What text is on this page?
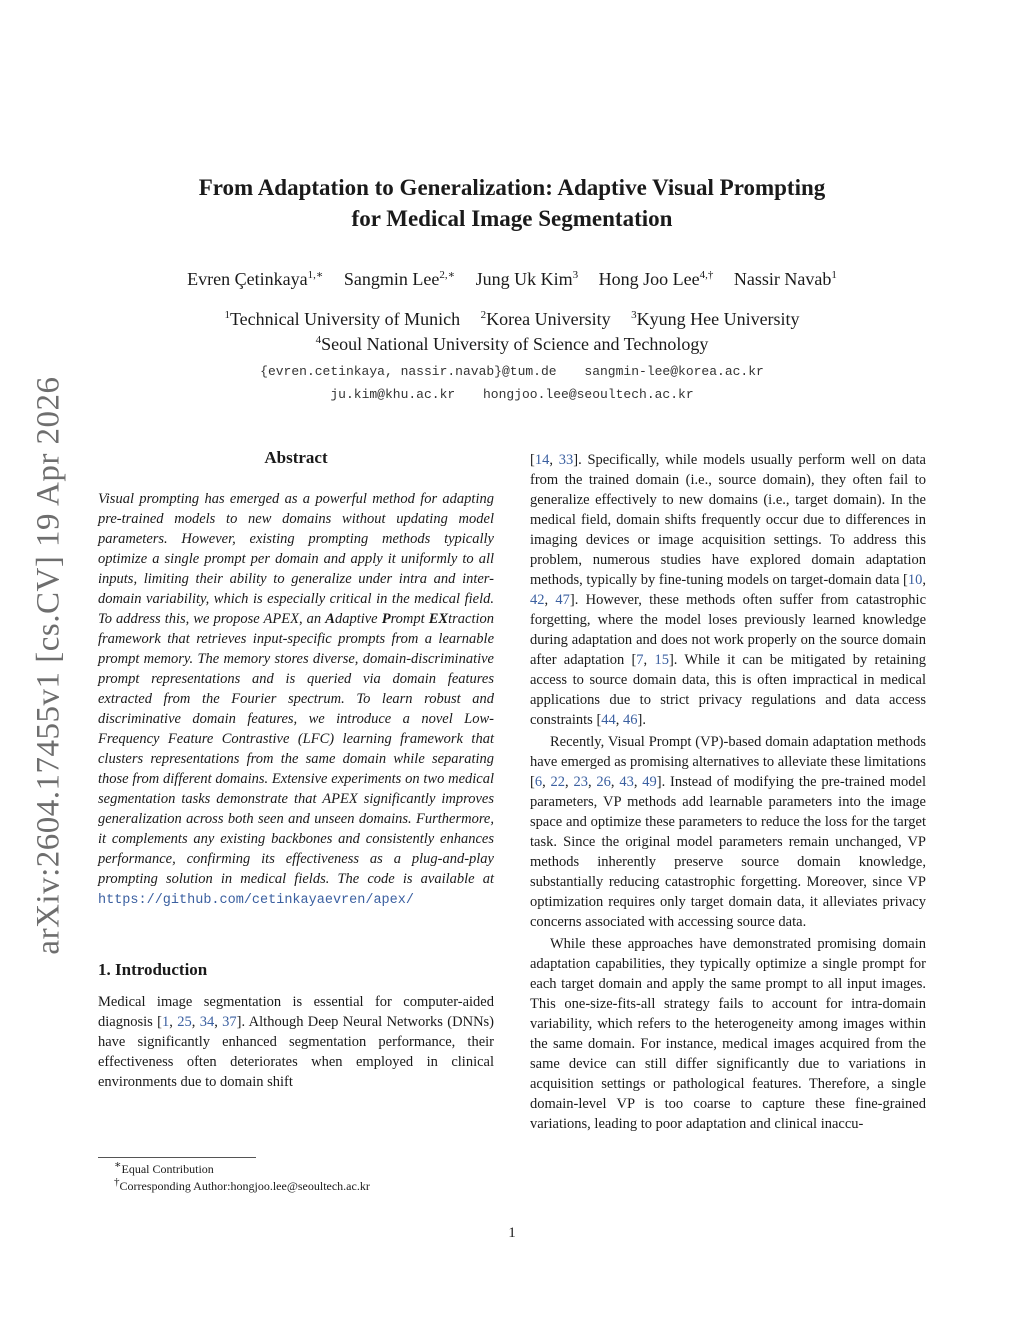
arXiv:2604.17455v1 [cs.CV] 19 Apr 2026
From Adaptation to Generalization: Adaptive Visual Prompting
for Medical Image Segmentation
Evren Çetinkaya$^{1,∗}$ Sangmin Lee$^{2,∗}$ Jung Uk Kim$^3$ Hong Joo Lee$^{4,\dagger}$ Nassir Navab$^1$
$^1$Technical University of Munich $^2$Korea University $^3$Kyung Hee University
$^4$Seoul National University of Science and Technology
{evren.cetinkaya, nassir.navab}@tum.de sangmin-lee@korea.ac.kr
ju.kim@khu.ac.kr hongjoo.lee@seoultech.ac.kr
Abstract

Visual prompting has emerged as a powerful method for adapting pre-trained models to new domains without updating model parameters. However, existing prompting methods typically optimize a single prompt per domain and apply it uniformly to all inputs, limiting their ability to generalize under intra and inter-domain variability, which is especially critical in the medical field. To address this, we propose APEX, an Adaptive Prompt EXtraction framework that retrieves input-specific prompts from a learnable prompt memory. The memory stores diverse, domain-discriminative prompt representations and is queried via domain features extracted from the Fourier spectrum. To learn robust and discriminative domain features, we introduce a novel Low-Frequency Feature Contrastive (LFC) learning framework that clusters representations from the same domain while separating those from different domains. Extensive experiments on two medical segmentation tasks demonstrate that APEX significantly improves generalization across both seen and unseen domains. Furthermore, it complements any existing backbones and consistently enhances performance, confirming its effectiveness as a plug-and-play prompting solution in medical fields. The code is available at https://github.com/cetinkayaevren/apex/

1. Introduction

Medical image segmentation is essential for computer-aided diagnosis [1, 25, 34, 37]. Although Deep Neural Networks (DNNs) have significantly enhanced segmentation performance, their effectiveness often deteriorates when employed in clinical environments due to domain shift

∗Equal Contribution

†Corresponding Author:hongjoo.lee@seoultech.ac.kr

[14, 33]. Specifically, while models usually perform well on data from the trained domain (i.e., source domain), they often fail to generalize effectively to new domains (i.e., target domain). In the medical field, domain shifts frequently occur due to differences in imaging devices or image acquisition settings. To address this problem, numerous studies have explored domain adaptation methods, typically by fine-tuning models on target-domain data [10, 42, 47]. However, these methods often suffer from catastrophic forgetting, where the model loses previously learned knowledge during adaptation and does not work properly on the source domain after adaptation [7, 15]. While it can be mitigated by retaining access to source domain data, this is often impractical in medical applications due to strict privacy regulations and data access constraints [44, 46].

Recently, Visual Prompt (VP)-based domain adaptation methods have emerged as promising alternatives to alleviate these limitations [6, 22, 23, 26, 43, 49]. Instead of modifying the pre-trained model parameters, VP methods add learnable parameters into the image space and optimize these parameters to reduce the loss for the target task. Since the original model parameters remain unchanged, VP methods inherently preserve source domain knowledge, substantially reducing catastrophic forgetting. Moreover, since VP optimization requires only target domain data, it alleviates privacy concerns associated with accessing source data.

While these approaches have demonstrated promising domain adaptation capabilities, they typically optimize a single prompt for each target domain and apply the same prompt to all input images. This one-size-fits-all strategy fails to account for intra-domain variability, which refers to the heterogeneity among images within the same domain. For instance, medical images acquired from the same device can still differ significantly due to variations in acquisition settings or pathological features. Therefore, a single domain-level VP is too coarse to capture these fine-grained variations, leading to poor adaptation and clinical inaccu-

1
